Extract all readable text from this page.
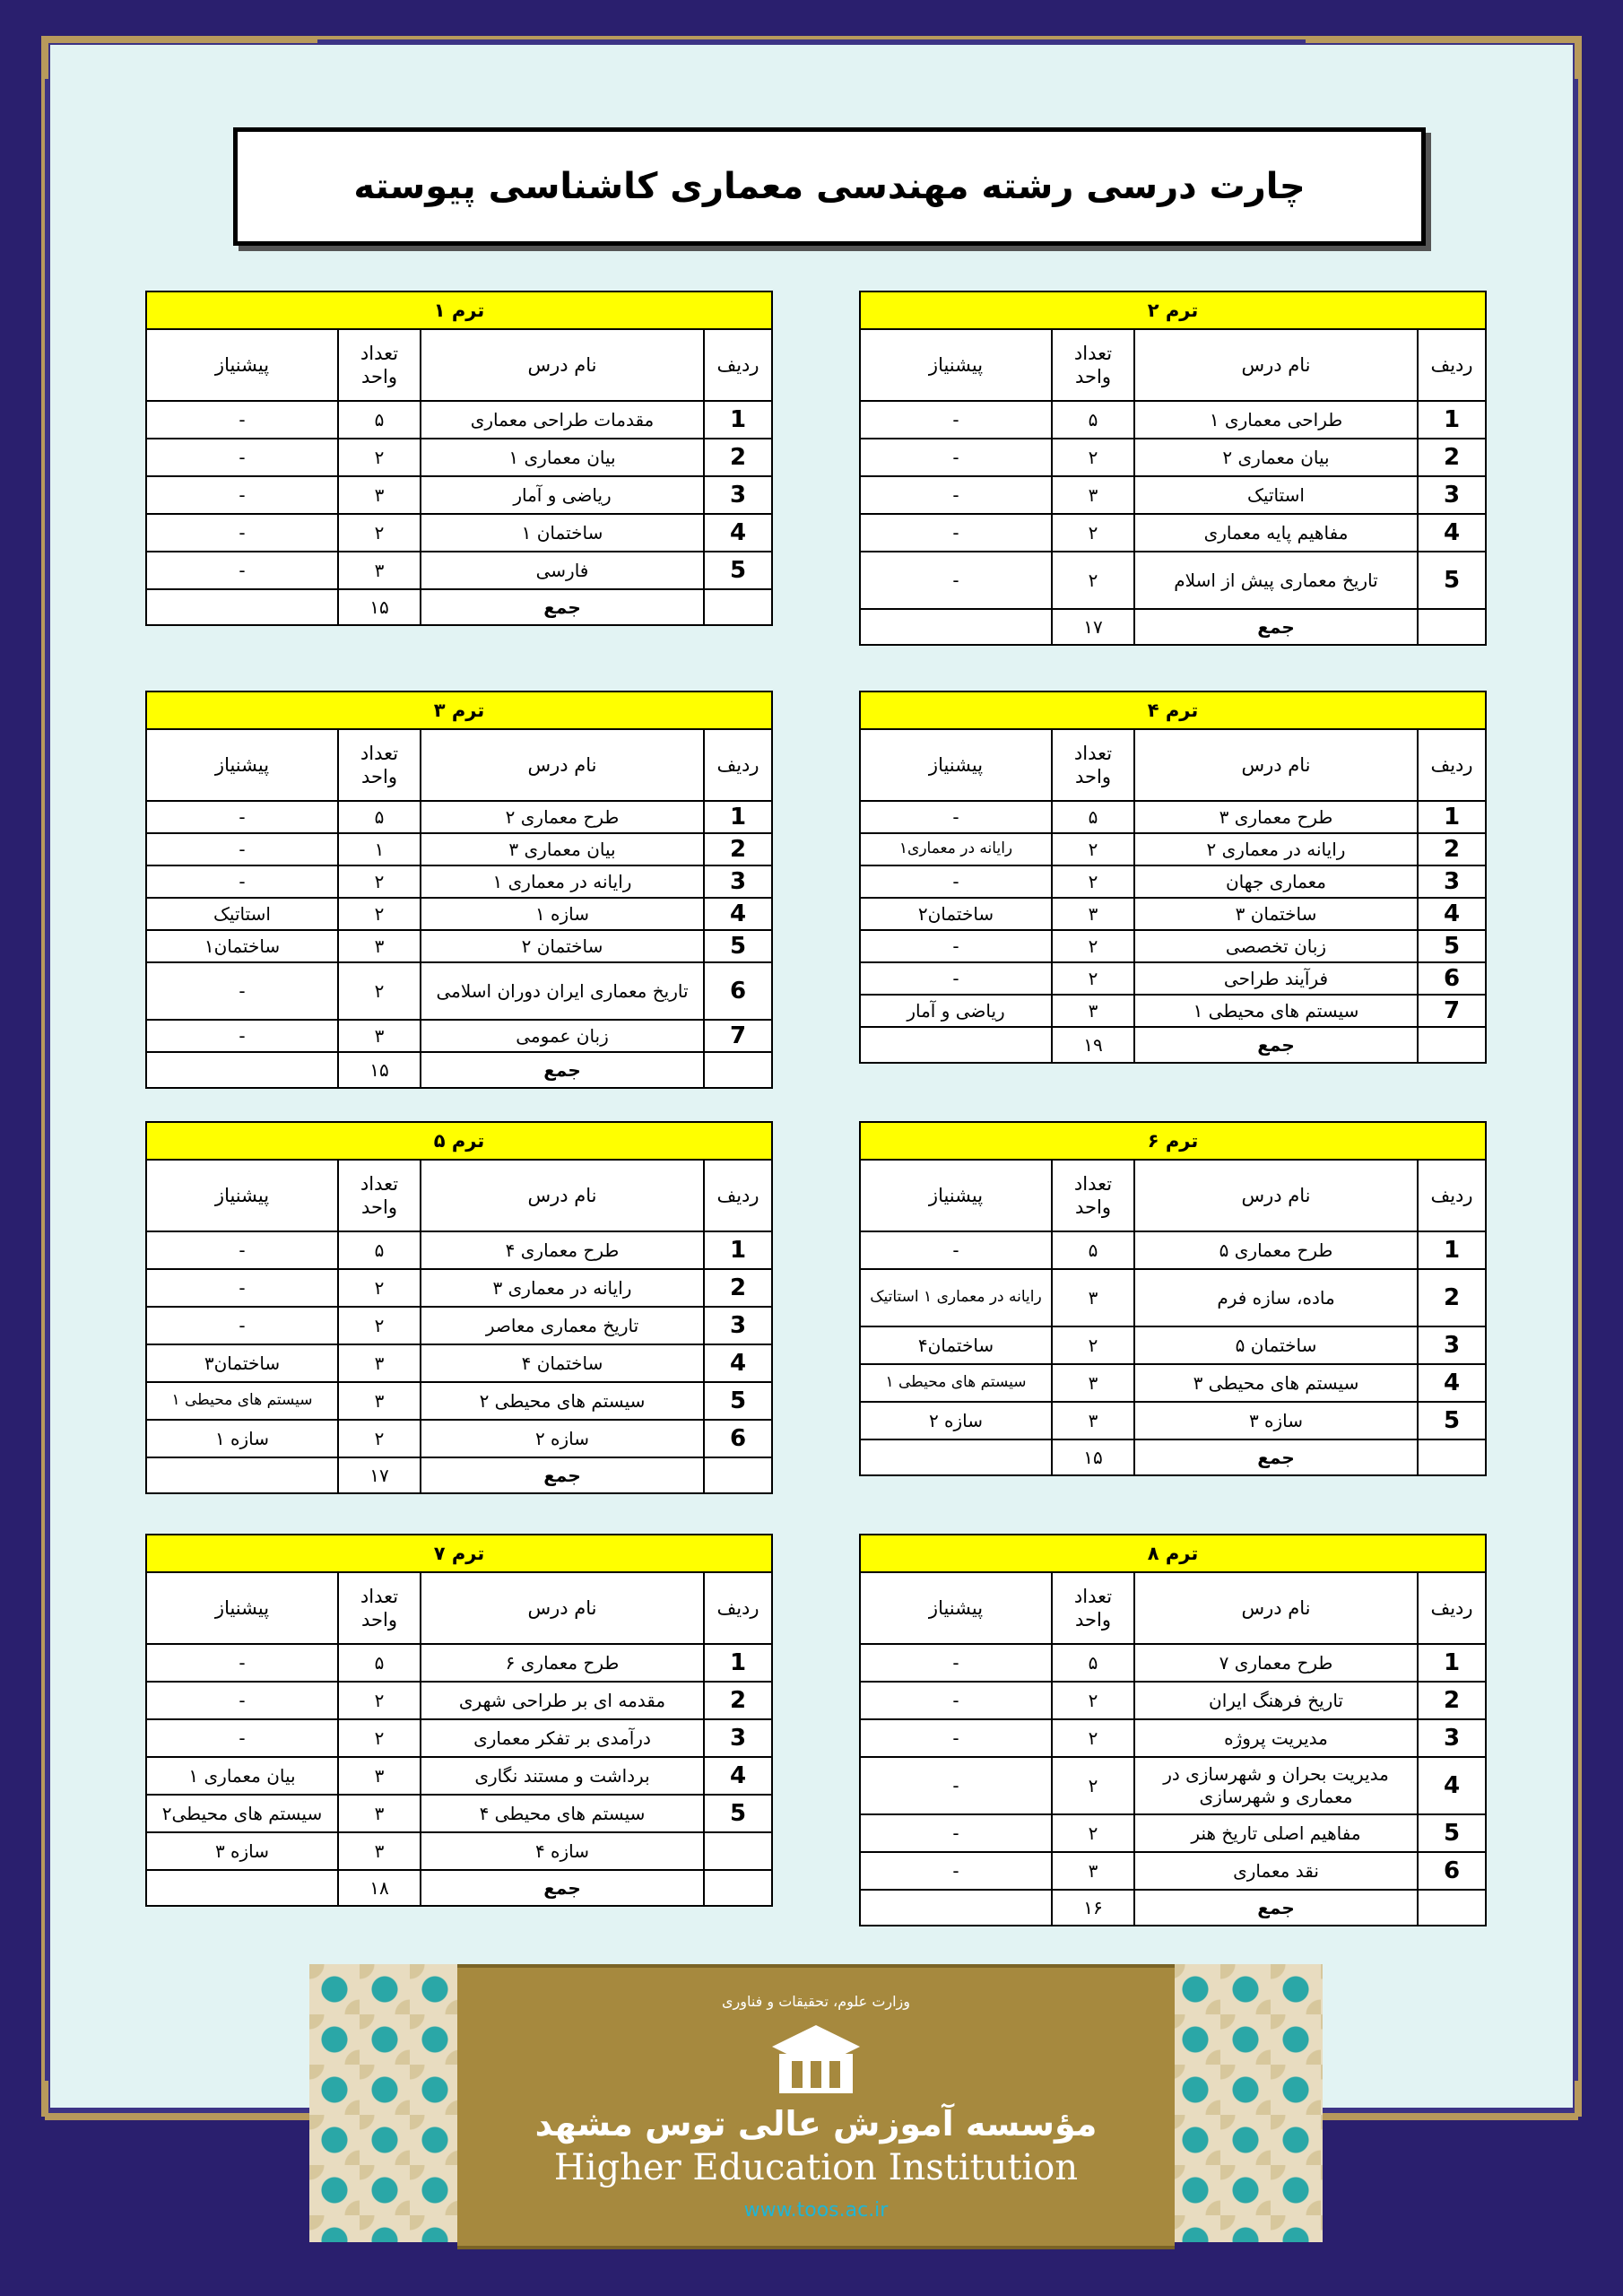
چارت درسی رشته مهندسی معماری کاشناسی پیوسته
ترم ۱			
ردیف	نام درس	تعداد واحد	پیشنیاز
1	مقدمات طراحی معماری	۵	-
2	بیان معماری ۱	۲	-
3	ریاضی و آمار	۳	-
4	ساختمان ۱	۲	-
5	فارسی	۳	-
	جمع	۱۵	
ترم ۲			
ردیف	نام درس	تعداد واحد	پیشنیاز
1	طراحی معماری ۱	۵	-
2	بیان معماری ۲	۲	-
3	استاتیک	۳	-
4	مفاهیم پایه معماری	۲	-
5	تاریخ معماری پیش از اسلام	۲	-
	جمع	۱۷	
ترم ۳			
ردیف	نام درس	تعداد واحد	پیشنیاز
1	طرح معماری ۲	۵	-
2	بیان معماری ۳	۱	-
3	رایانه در معماری ۱	۲	-
4	سازه ۱	۲	استاتیک
5	ساختمان ۲	۳	ساختمان۱
6	تاریخ معماری ایران دوران اسلامی	۲	-
7	زبان عمومی	۳	-
	جمع	۱۵	
ترم ۴			
ردیف	نام درس	تعداد واحد	پیشنیاز
1	طرح معماری ۳	۵	-
2	رایانه در معماری ۲	۲	رایانه در معماری۱
3	معماری جهان	۲	-
4	ساختمان ۳	۳	ساختمان۲
5	زبان تخصصی	۲	-
6	فرآیند طراحی	۲	-
7	سیستم های محیطی ۱	۳	ریاضی و آمار
	جمع	۱۹	
ترم ۵			
ردیف	نام درس	تعداد واحد	پیشنیاز
1	طرح معماری ۴	۵	-
2	رایانه در معماری ۳	۲	-
3	تاریخ معماری معاصر	۲	-
4	ساختمان ۴	۳	ساختمان۳
5	سیستم های محیطی ۲	۳	سیستم های محیطی ۱
6	سازه ۲	۲	سازه ۱
	جمع	۱۷	
ترم ۶			
ردیف	نام درس	تعداد واحد	پیشنیاز
1	طرح معماری ۵	۵	-
2	ماده، سازه فرم	۳	رایانه در معماری ۱ استاتیک
3	ساختمان ۵	۲	ساختمان۴
4	سیستم های محیطی ۳	۳	سیستم های محیطی ۱
5	سازه ۳	۳	سازه ۲
	جمع	۱۵	
ترم ۷			
ردیف	نام درس	تعداد واحد	پیشنیاز
1	طرح معماری ۶	۵	-
2	مقدمه ای بر طراحی شهری	۲	-
3	درآمدی بر تفکر معماری	۲	-
4	برداشت و مستند نگاری	۳	بیان معماری ۱
5	سیستم های محیطی ۴	۳	سیستم های محیطی۲
	سازه ۴	۳	سازه ۳
	جمع	۱۸	
ترم ۸			
ردیف	نام درس	تعداد واحد	پیشنیاز
1	طرح معماری ۷	۵	-
2	تاریخ فرهنگ ایران	۲	-
3	مدیریت پروژه	۲	-
4	مدیریت بحران و شهرسازی در معماری و شهرسازی	۲	-
5	مفاهیم اصلی تاریخ هنر	۲	-
6	نقد معماری	۳	-
	جمع	۱۶	
وزارت علوم، تحقیقات و فناوری
مؤسسه آموزش عالی توس مشهد
Higher Education Institution
www.toos.ac.ir
